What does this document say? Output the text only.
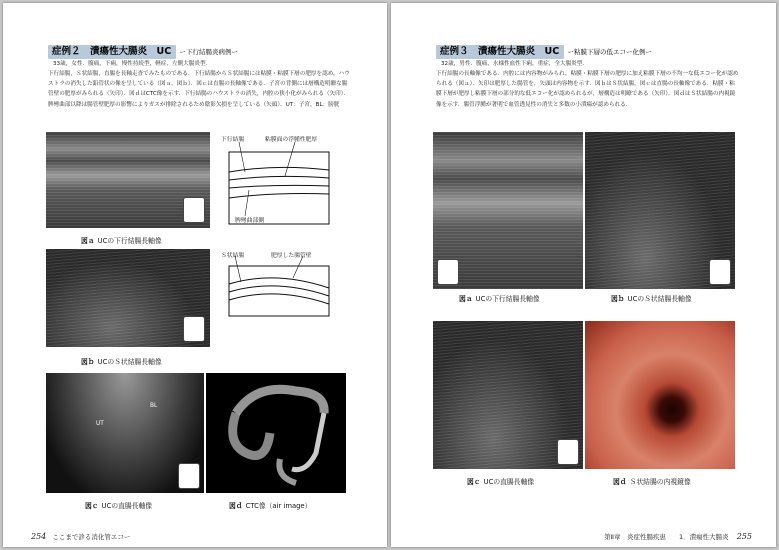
症例２　潰瘍性大腸炎　UC ー下行結腸炎病例ー
33歳，女性．腹痛，下痢，慢性持続型，軽症，左側大腸炎型．
下行結腸，Ｓ状結腸，直腸を長軸走査でみたものである．下行結腸からＳ状結腸には粘膜・粘膜下層の肥厚を認め，ハウストラの消失した鉛管状の像を呈している（図ａ，図ｂ）．図ｃは直腸の長軸像である．子宮の背側には層構造明瞭な腸管壁の肥厚がみられる（矢印）．図ｄはCTC像を示す．下行結腸のハウストラの消失，内腔の狭小化がみられる（矢印）．脾彎曲部以降は腸管壁肥厚の影響によりガスが排除されるため陰影欠損を呈している（矢頭）．UT：子宮，BL：膀胱
下行結腸	粘膜面の浮腫性肥厚
脾彎曲部側
図ａ UCの下行結腸長軸像
Ｓ状結腸	肥厚した腸管壁
図ｂ UCのＳ状結腸長軸像
UT
BL
図ｃ UCの直腸長軸像	図ｄ CTC像（air image）
254 ここまで診る消化管エコー
症例３　潰瘍性大腸炎　UC ー粘膜下層の低エコー化例ー
32歳，男性．腹痛，水様性血性下痢，重症，全大腸炎型．
下行結腸の長軸像である．内腔には内容物がみられ，粘膜・粘膜下層の肥厚に加え粘膜下層の不均一な低エコー化が認められる（図ａ）．矢印は肥厚した腸管を，矢頭は内容物を示す．図ｂはＳ状結腸，図ｃは直腸の長軸像である．粘膜・粘膜下層が肥厚し粘膜下層の部分的な低エコー化が認められるが，層構造は明瞭である（矢印）．図ｄはＳ状結腸の内視鏡像を示す．腸管浮腫が著明で血管透見性の消失と多数の小潰瘍が認められる．
図ａ UCの下行結腸長軸像	図ｂ UCのＳ状結腸長軸像
図ｃ UCの直腸長軸像	図ｄ Ｓ状結腸の内視鏡像
第Ⅱ章　炎症性腸疾患　　1．潰瘍性大腸炎 255
